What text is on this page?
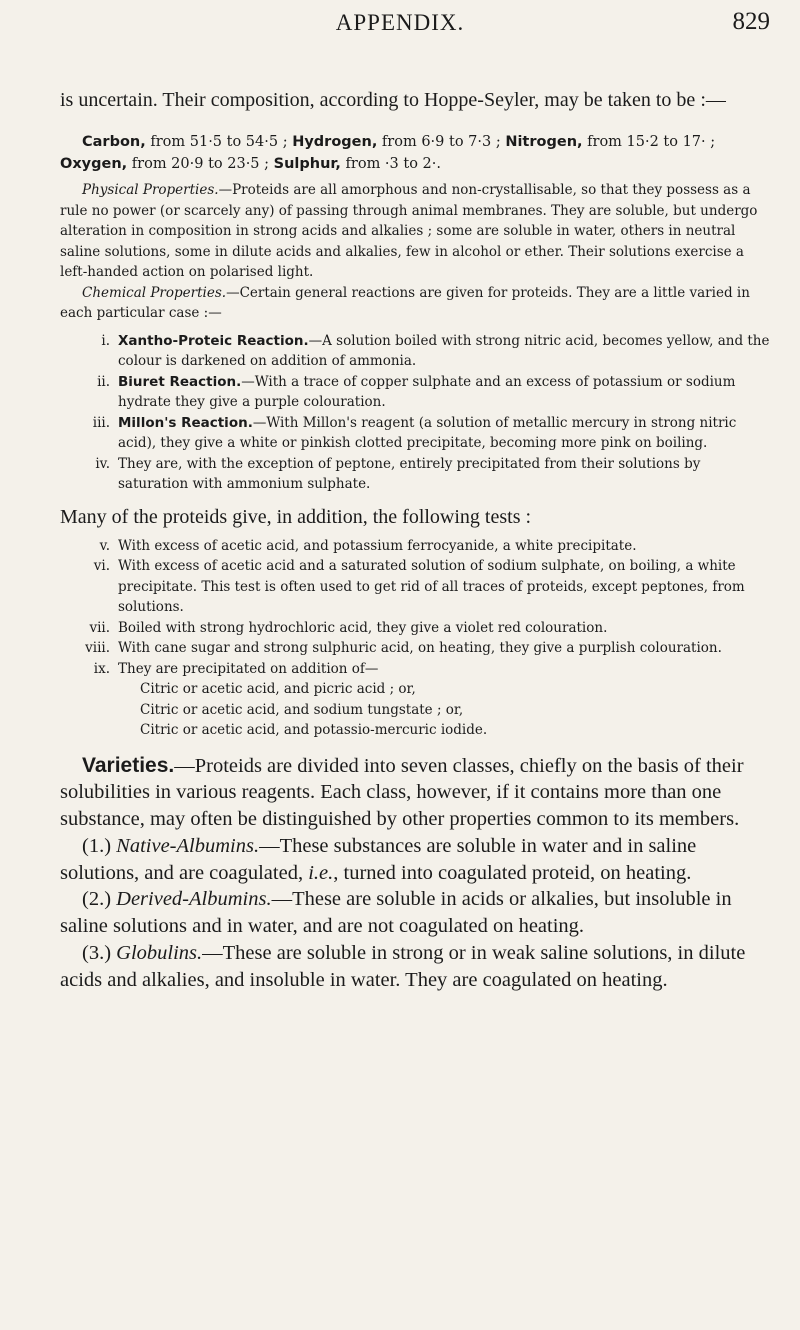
APPENDIX.	829

is uncertain. Their composition, according to Hoppe-Seyler, may be taken to be :—

Carbon, from 51·5 to 54·5 ; Hydrogen, from 6·9 to 7·3 ; Nitrogen, from 15·2 to 17· ; Oxygen, from 20·9 to 23·5 ; Sulphur, from ·3 to 2·.

Physical Properties.—Proteids are all amorphous and non-crystallisable, so that they possess as a rule no power (or scarcely any) of passing through animal membranes. They are soluble, but undergo alteration in composition in strong acids and alkalies ; some are soluble in water, others in neutral saline solutions, some in dilute acids and alkalies, few in alcohol or ether. Their solutions exercise a left-handed action on polarised light.

Chemical Properties.—Certain general reactions are given for proteids. They are a little varied in each particular case :—

i. Xantho-Proteic Reaction.—A solution boiled with strong nitric acid, becomes yellow, and the colour is darkened on addition of ammonia.
ii. Biuret Reaction.—With a trace of copper sulphate and an excess of potassium or sodium hydrate they give a purple colouration.
iii. Millon's Reaction.—With Millon's reagent (a solution of metallic mercury in strong nitric acid), they give a white or pinkish clotted precipitate, becoming more pink on boiling.
iv. They are, with the exception of peptone, entirely precipitated from their solutions by saturation with ammonium sulphate.

Many of the proteids give, in addition, the following tests :

v. With excess of acetic acid, and potassium ferrocyanide, a white precipitate.
vi. With excess of acetic acid and a saturated solution of sodium sulphate, on boiling, a white precipitate. This test is often used to get rid of all traces of proteids, except peptones, from solutions.
vii. Boiled with strong hydrochloric acid, they give a violet red colouration.
viii. With cane sugar and strong sulphuric acid, on heating, they give a purplish colouration.
ix. They are precipitated on addition of—
Citric or acetic acid, and picric acid ; or,
Citric or acetic acid, and sodium tungstate ; or,
Citric or acetic acid, and potassio-mercuric iodide.

Varieties.—Proteids are divided into seven classes, chiefly on the basis of their solubilities in various reagents. Each class, however, if it contains more than one substance, may often be distinguished by other properties common to its members.

(1.) Native-Albumins.—These substances are soluble in water and in saline solutions, and are coagulated, i.e., turned into coagulated proteid, on heating.

(2.) Derived-Albumins.—These are soluble in acids or alkalies, but insoluble in saline solutions and in water, and are not coagulated on heating.

(3.) Globulins.—These are soluble in strong or in weak saline solutions, in dilute acids and alkalies, and insoluble in water. They are coagulated on heating.
